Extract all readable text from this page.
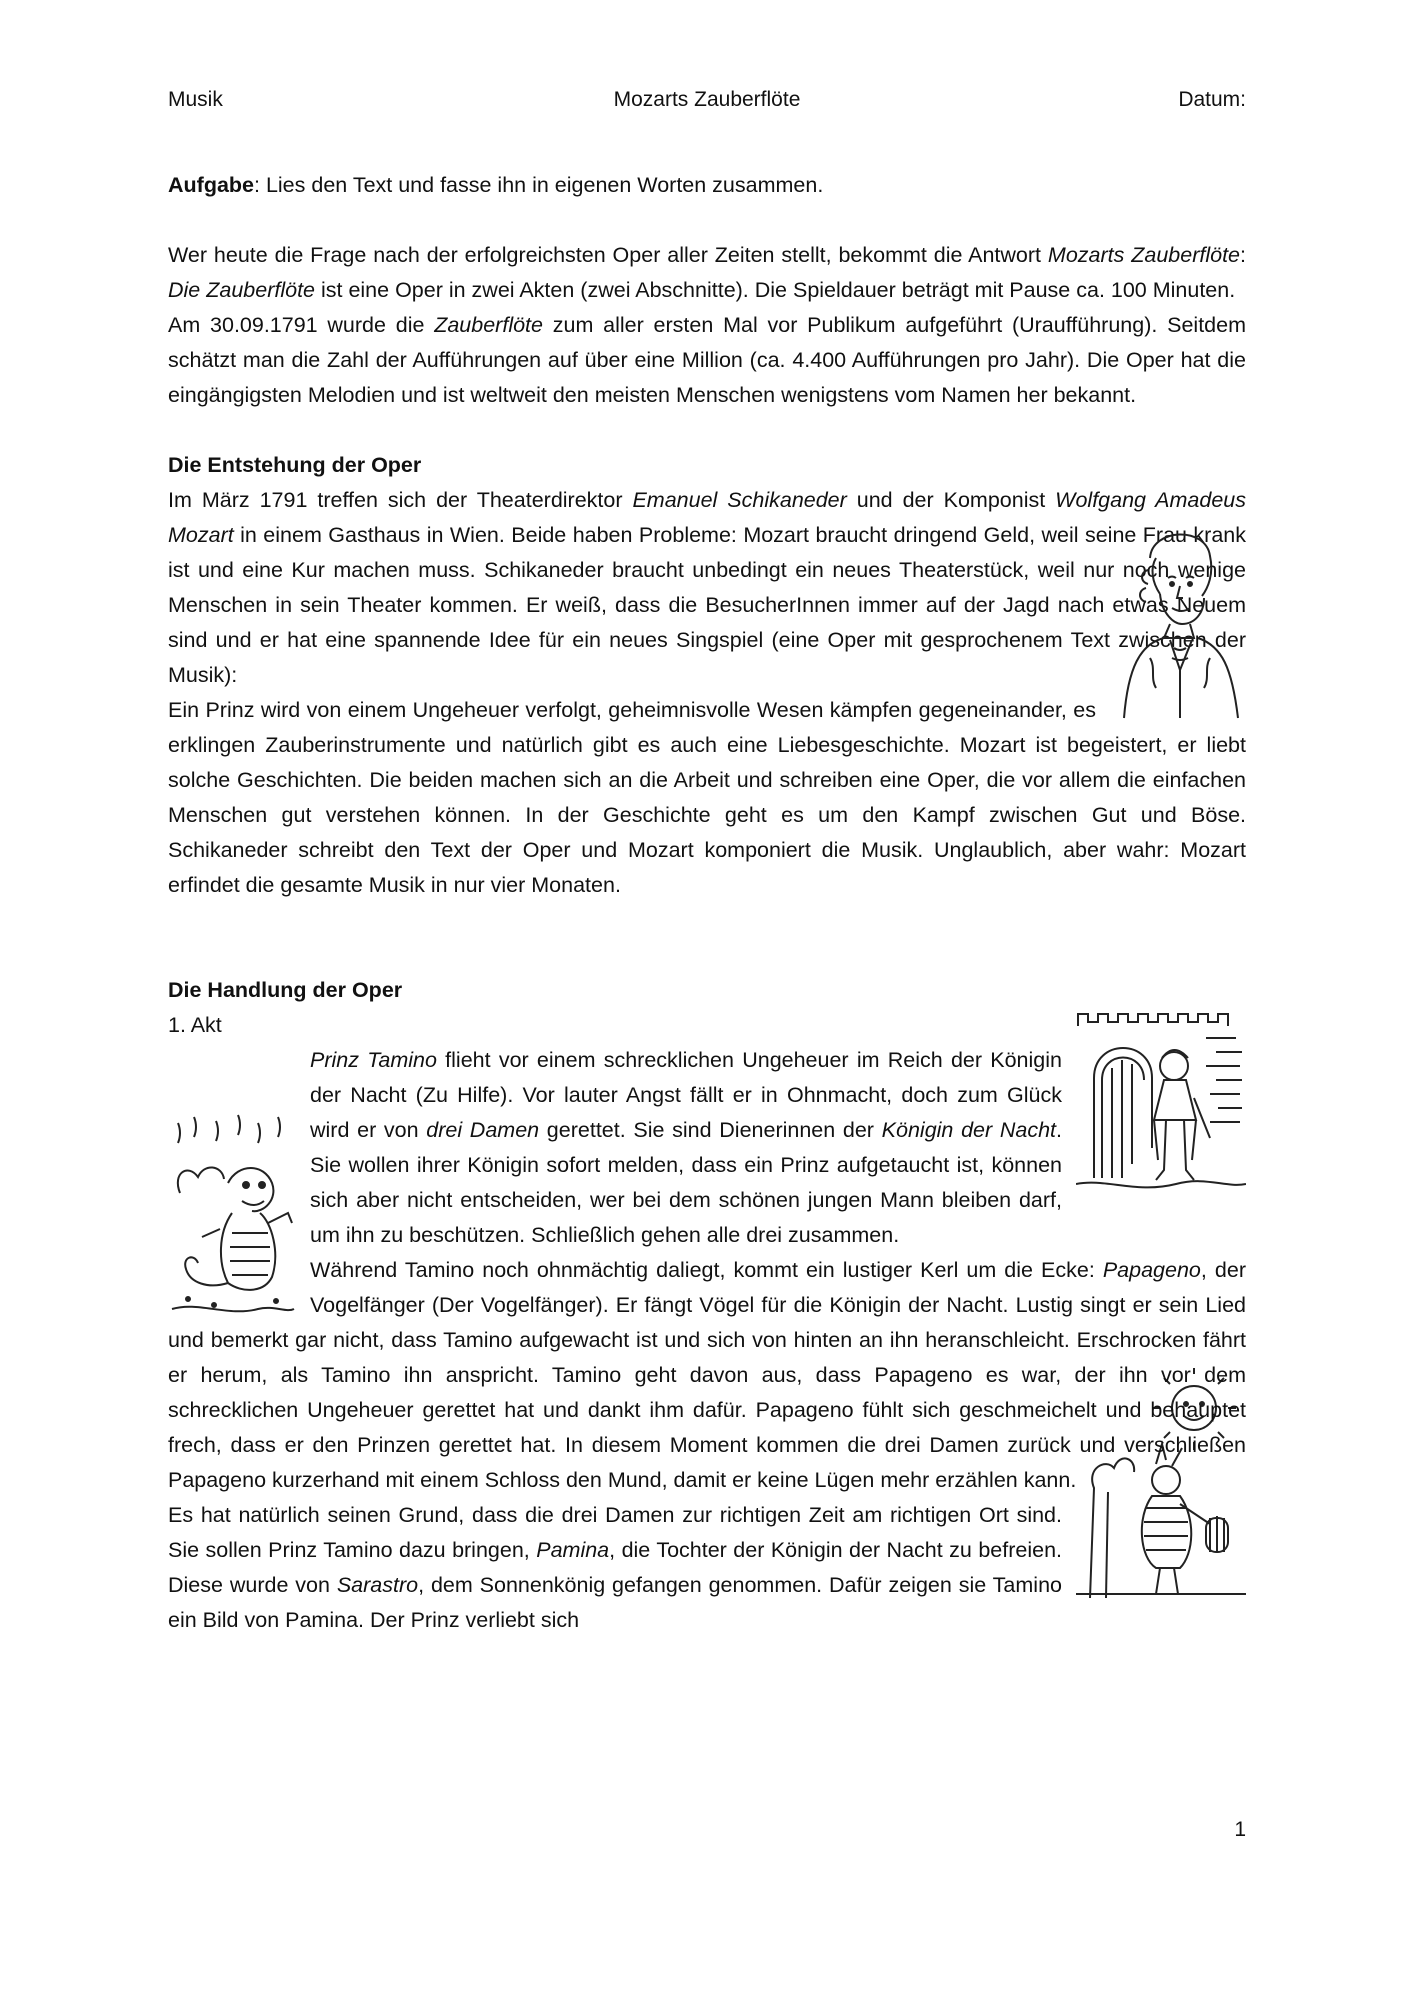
Mozarts Zauberflöte
Musik	Datum:

Aufgabe: Lies den Text und fasse ihn in eigenen Worten zusammen.

Wer heute die Frage nach der erfolgreichsten Oper aller Zeiten stellt, bekommt die Antwort Mozarts Zauberflöte: Die Zauberflöte ist eine Oper in zwei Akten (zwei Abschnitte). Die Spieldauer beträgt mit Pause ca. 100 Minuten.

Am 30.09.1791 wurde die Zauberflöte zum aller ersten Mal vor Publikum aufgeführt (Uraufführung). Seitdem schätzt man die Zahl der Aufführungen auf über eine Million (ca. 4.400 Aufführungen pro Jahr). Die Oper hat die eingängigsten Melodien und ist weltweit den meisten Menschen wenigstens vom Namen her bekannt.

Die Entstehung der Oper

Im März 1791 treffen sich der Theaterdirektor Emanuel Schikaneder und der Komponist Wolfgang Amadeus Mozart in einem Gasthaus in Wien. Beide haben Probleme: Mozart braucht dringend Geld, weil seine Frau krank ist und eine Kur machen muss. Schikaneder braucht unbedingt ein neues Theaterstück, weil nur noch wenige Menschen in sein Theater kommen. Er weiß, dass die BesucherInnen immer auf der Jagd nach etwas Neuem sind und er hat eine spannende Idee für ein neues Singspiel (eine Oper mit gesprochenem Text zwischen der Musik):

Ein Prinz wird von einem Ungeheuer verfolgt, geheimnisvolle Wesen kämpfen gegeneinander, es erklingen Zauberinstrumente und natürlich gibt es auch eine Liebesgeschichte. Mozart ist begeistert, er liebt solche Geschichten. Die beiden machen sich an die Arbeit und schreiben eine Oper, die vor allem die einfachen Menschen gut verstehen können. In der Geschichte geht es um den Kampf zwischen Gut und Böse. Schikaneder schreibt den Text der Oper und Mozart komponiert die Musik. Unglaublich, aber wahr: Mozart erfindet die gesamte Musik in nur vier Monaten.

Die Handlung der Oper

1. Akt

Prinz Tamino flieht vor einem schrecklichen Ungeheuer im Reich der Königin der Nacht (Zu Hilfe). Vor lauter Angst fällt er in Ohnmacht, doch zum Glück wird er von drei Damen gerettet. Sie sind Dienerinnen der Königin der Nacht. Sie wollen ihrer Königin sofort melden, dass ein Prinz aufgetaucht ist, können sich aber nicht entscheiden, wer bei dem schönen jungen Mann bleiben darf, um ihn zu beschützen. Schließlich gehen alle drei zusammen.

Während Tamino noch ohnmächtig daliegt, kommt ein lustiger Kerl um die Ecke: Papageno, der Vogelfänger (Der Vogelfänger). Er fängt Vögel für die Königin der Nacht. Lustig singt er sein Lied und bemerkt gar nicht, dass Tamino aufgewacht ist und sich von hinten an ihn heranschleicht. Erschrocken fährt er herum, als Tamino ihn anspricht. Tamino geht davon aus, dass Papageno es war, der ihn vor dem schrecklichen Ungeheuer gerettet hat und dankt ihm dafür. Papageno fühlt sich geschmeichelt und behauptet frech, dass er den Prinzen gerettet hat. In diesem Moment kommen die drei Damen zurück und verschließen Papageno kurzerhand mit einem Schloss den Mund, damit er keine Lügen mehr erzählen kann.

Es hat natürlich seinen Grund, dass die drei Damen zur richtigen Zeit am richtigen Ort sind. Sie sollen Prinz Tamino dazu bringen, Pamina, die Tochter der Königin der Nacht zu befreien. Diese wurde von Sarastro, dem Sonnenkönig gefangen genommen. Dafür zeigen sie Tamino ein Bild von Pamina. Der Prinz verliebt sich

1
